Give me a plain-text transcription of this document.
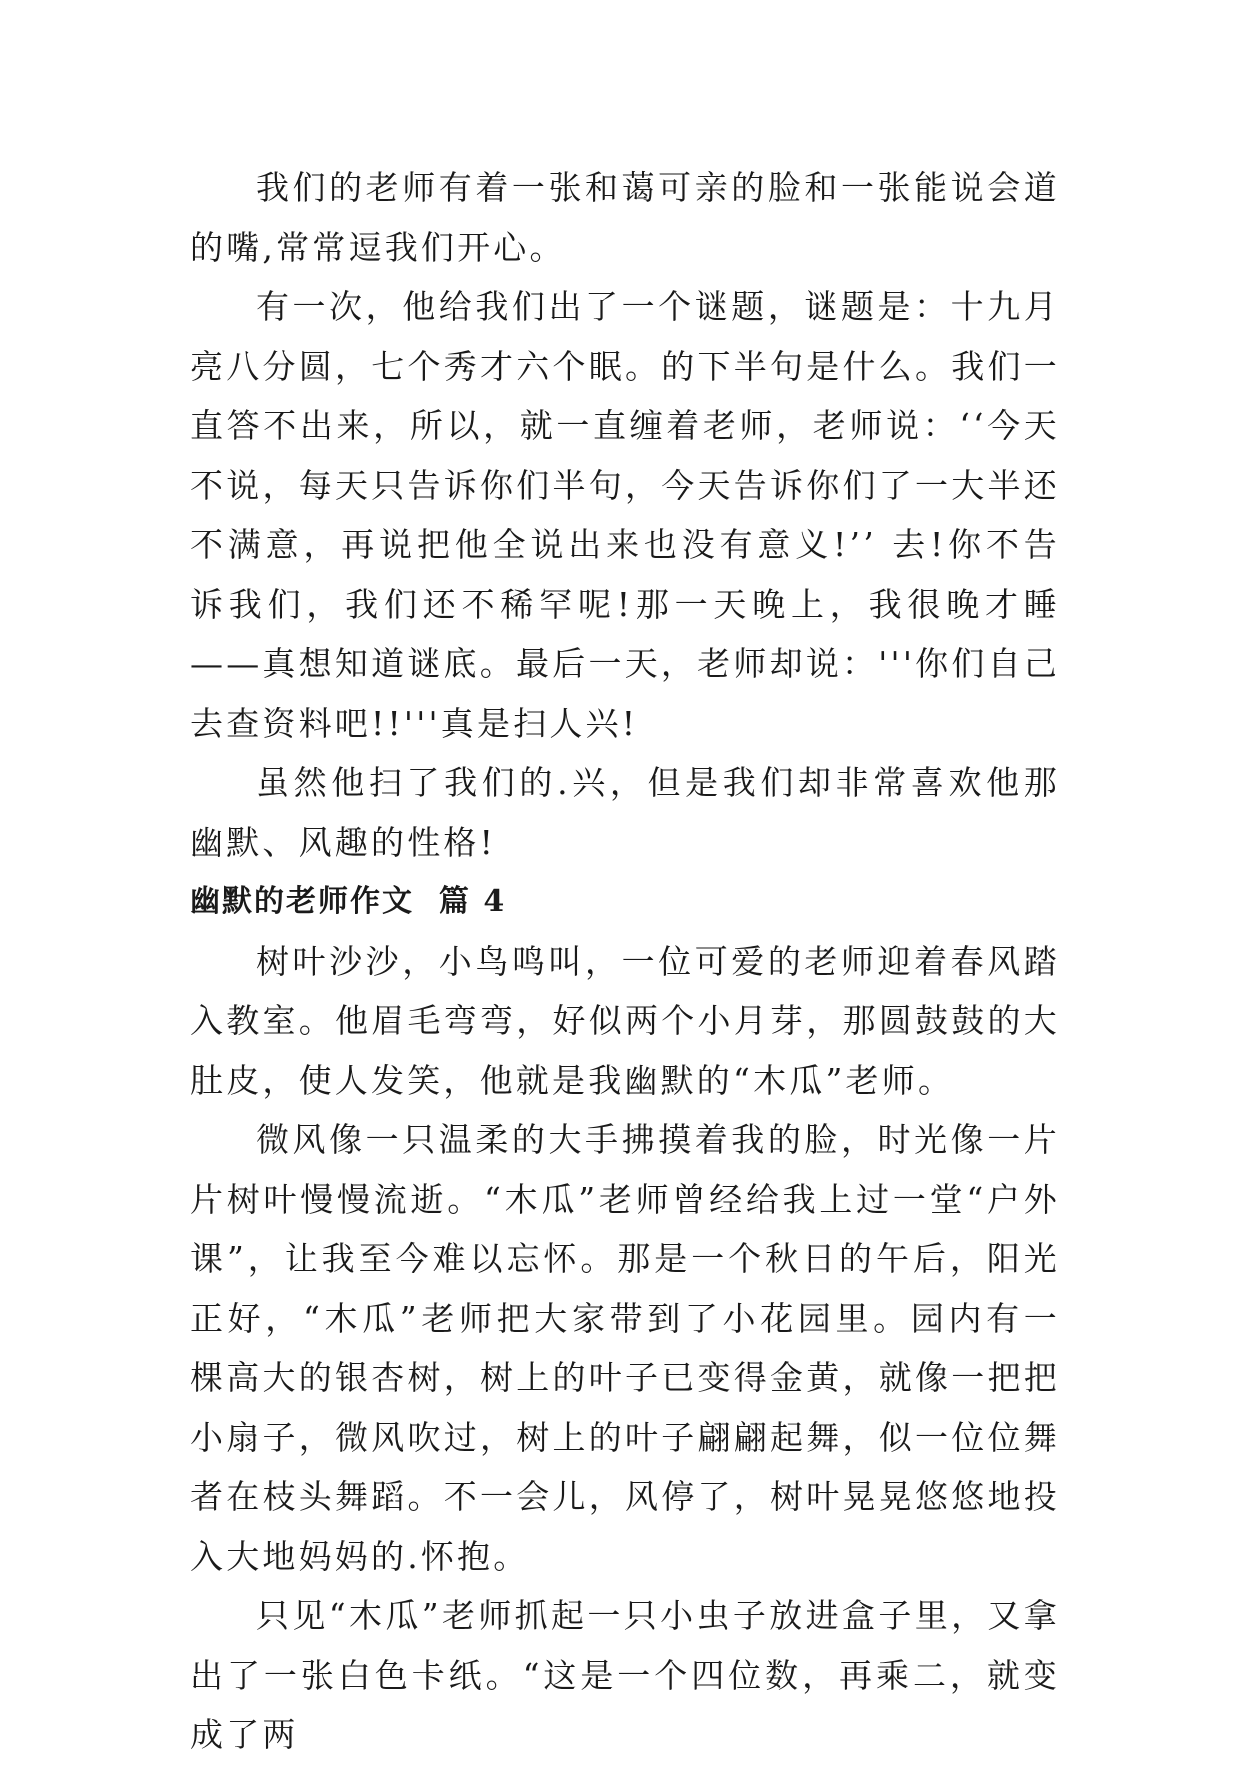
我们的老师有着一张和蔼可亲的脸和一张能说会道的嘴,常常逗我们开心。

有一次，他给我们出了一个谜题，谜题是：十九月亮八分圆，七个秀才六个眠。的下半句是什么。我们一直答不出来，所以，就一直缠着老师，老师说：‘‘今天不说，每天只告诉你们半句，今天告诉你们了一大半还不满意，再说把他全说出来也没有意义!’’ 去!你不告诉我们，我们还不稀罕呢!那一天晚上，我很晚才睡——真想知道谜底。最后一天，老师却说：'''你们自己去查资料吧!!'''真是扫人兴!

虽然他扫了我们的.兴，但是我们却非常喜欢他那幽默、风趣的性格!

幽默的老师作文  篇 4

树叶沙沙，小鸟鸣叫，一位可爱的老师迎着春风踏入教室。他眉毛弯弯，好似两个小月芽，那圆鼓鼓的大肚皮，使人发笑，他就是我幽默的“木瓜”老师。

微风像一只温柔的大手拂摸着我的脸，时光像一片片树叶慢慢流逝。“木瓜”老师曾经给我上过一堂“户外课”，让我至今难以忘怀。那是一个秋日的午后，阳光正好，“木瓜”老师把大家带到了小花园里。园内有一棵高大的银杏树，树上的叶子已变得金黄，就像一把把小扇子，微风吹过，树上的叶子翩翩起舞，似一位位舞者在枝头舞蹈。不一会儿，风停了，树叶晃晃悠悠地投入大地妈妈的.怀抱。

只见“木瓜”老师抓起一只小虫子放进盒子里，又拿出了一张白色卡纸。“这是一个四位数，再乘二，就变成了两
